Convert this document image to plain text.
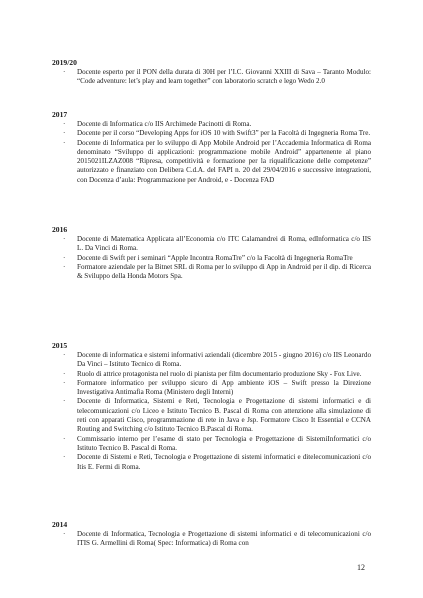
2019/20
· Docente esperto per il PON della durata di 30H per l’I.C. Giovanni XXIII di Sava – Taranto Modulo: “Code adventure: let’s play and learn together” con laboratorio scratch e lego Wedo 2.0
2017
· Docente di Informatica c/o IIS Archimede Pacinotti di Roma.
· Docente per il corso “Developing Apps for iOS 10 with Swift3” per la Facoltà di Ingegneria Roma Tre.
· Docente di Informatica per lo sviluppo di App Mobile Android per l’Accademia Informatica di Roma denominato “Sviluppo di applicazioni: programmazione mobile Android” appartenente al piano 2015021ILZAZ008 “Ripresa, competitività e formazione per la riqualificazione delle competenze” autorizzato e finanziato con Delibera C.d.A. del FAPI n. 20 del 29/04/2016 e successive integrazioni, con Docenza d’aula: Programmazione per Android, e - Docenza FAD
2016
· Docente di Matematica Applicata all’Economia c/o ITC Calamandrei di Roma, edInformatica c/o IIS L. Da Vinci di Roma.
· Docente di Swift per i seminari “Apple Incontra RomaTre” c/o la Facoltà di Ingegneria RomaTre
· Formatore aziendale per la Bitnet SRL di Roma per lo sviluppo di App in Android per il dip. di Ricerca & Sviluppo della Honda Motors Spa.
2015
· Docente di informatica e sistemi informativi aziendali (dicembre 2015 - giugno 2016) c/o IIS Leonardo Da Vinci – Istituto Tecnico di Roma.
· Ruolo di attrice protagonista nel ruolo di pianista per film documentario produzione Sky - Fox Live.
· Formatore informatico per sviluppo sicuro di App ambiente iOS – Swift presso la Direzione Investigativa Antimafia Roma (Ministero degli Interni)
· Docente di Informatica, Sistemi e Reti, Tecnologia e Progettazione di sistemi informatici e di telecomunicazioni c/o Liceo e Istituto Tecnico B. Pascal di Roma con attenzione alla simulazione di reti con apparati Cisco, programmazione di rete in Java e Jsp. Formatore Cisco It Essential e CCNA Routing and Switching c/o Istituto Tecnico B.Pascal di Roma.
· Commissario interno per l’esame di stato per Tecnologia e Progettazione di SistemiInformatici c/o Istituto Tecnico B. Pascal di Roma.
· Docente di Sistemi e Reti, Tecnologia e Progettazione di sistemi informatici e ditelecomunicazioni c/o Itis E. Fermi di Roma.
2014
· Docente di Informatica, Tecnologia e Progettazione di sistemi informatici e di telecomunicazioni c/o ITIS G. Armellini di Roma( Spec: Informatica) di Roma con
12
